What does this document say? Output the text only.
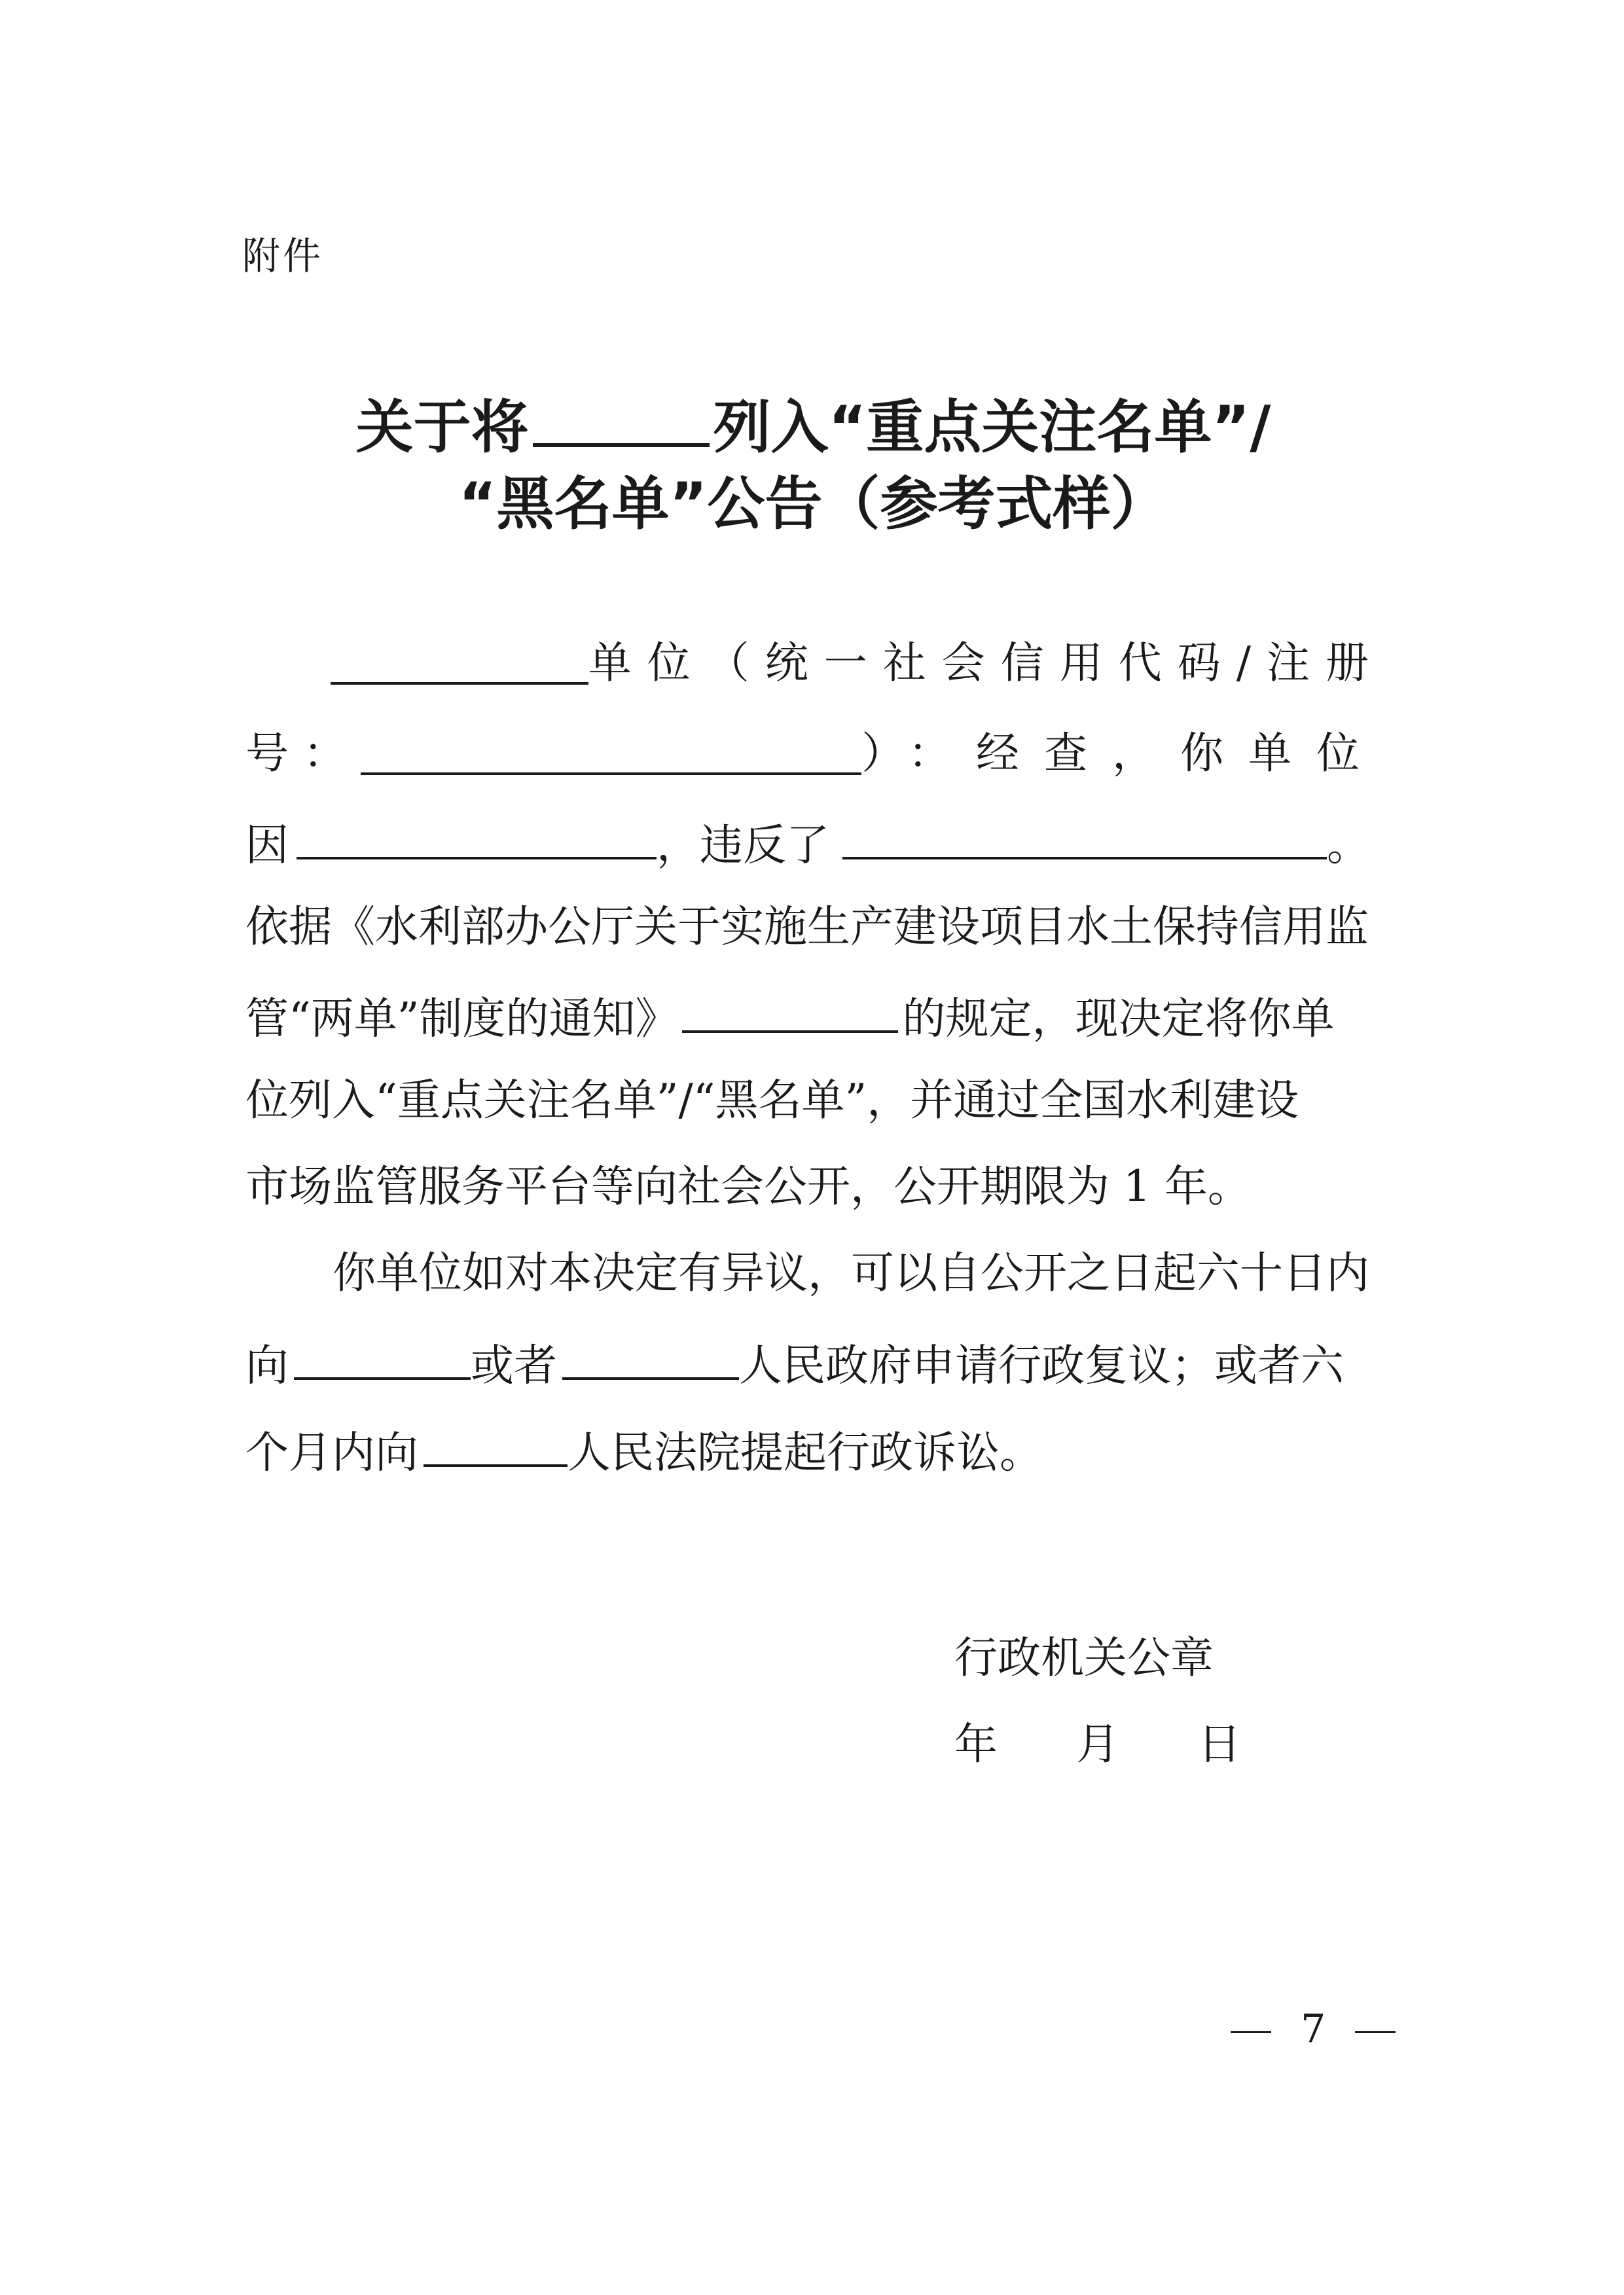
附件
关于将	列入“重点关注名单”/
“黑名单”公告（参考式样）
单位（统一社会信用代码/注册
号：	）：经查，你单位
因	，违反了	。
依据《水利部办公厅关于实施生产建设项目水土保持信用监
管“两单”制度的通知》	的规定，现决定将你单
位列入“重点关注名单”/“黑名单”，并通过全国水利建设
市场监管服务平台等向社会公开，公开期限为 1 年。
你单位如对本决定有异议，可以自公开之日起六十日内
向	或者	人民政府申请行政复议；或者六
个月内向	人民法院提起行政诉讼。
行政机关公章
年 月 日
7
